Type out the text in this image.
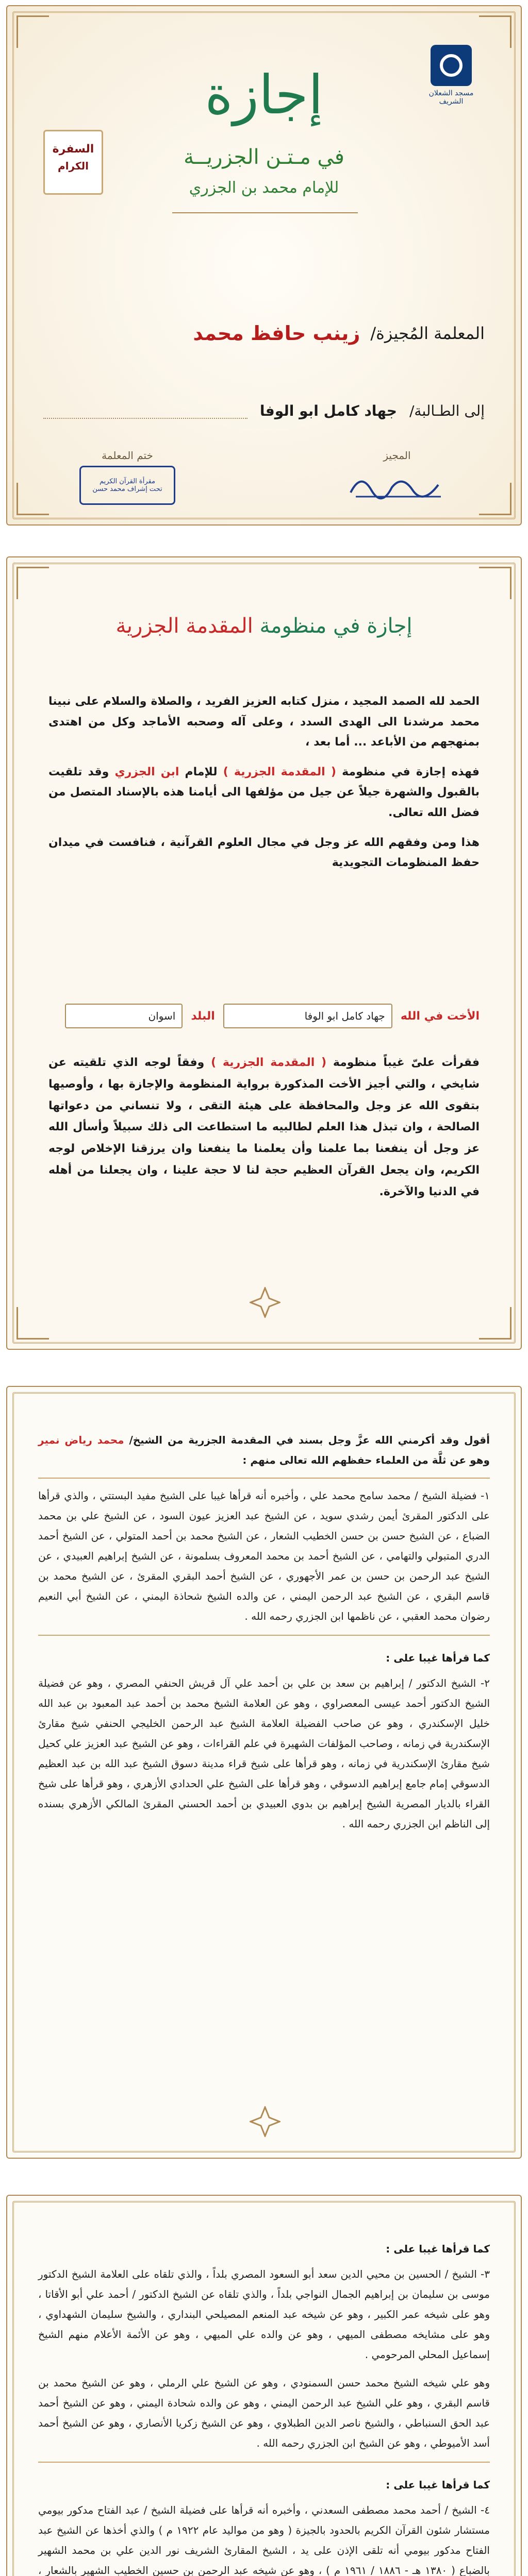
مسجد الشعلان الشريف
السفرة
الكرام
إجازة
في مـتـن الجزريــة
للإمام محمد بن الجزري
المعلمة المُجيزة/
زينب حافظ محمد
إلى الطـالبة/
جهاد كامل ابو الوفا
المجيز
ختم المعلمة
مقرأة القرآن الكريم
تحت إشراف محمد حسن
إجازة في منظومة المقدمة الجزرية

الحمد لله الصمد المجيد ، منزل كتابه العزيز الفريد ، والصلاة والسلام على نبينا محمد مرشدنا الى الهدى السدد ، وعلى آله وصحبه الأماجد وكل من اهتدى بمنهجهم من الأباعد ... أما بعد ،

فهذه إجازة في منظومة ( المقدمة الجزرية ) للإمام ابن الجزري وقد تلقيت بالقبول والشهرة جيلاً عن جيل من مؤلفها الى أيامنا هذه بالإسناد المتصل من فضل الله تعالى.

هذا ومن وفقهم الله عز وجل في مجال العلوم القرآنية ، فنافست في ميدان حفظ المنظومات التجويدية

الأخت في الله
جهاد كامل ابو الوفا
البلد
اسوان
فقرأت علىّ غيباً منظومة ( المقدمة الجزرية ) وفقاً لوجه الذي تلقيته عن شايخي ، والتي أجيز الأخت المذكورة برواية المنظومة والإجازة بها ، وأوصيها بتقوى الله عز وجل والمحافظة على هيئة التقى ، ولا تنساني من دعواتها الصالحة ، وان تبذل هذا العلم لطالبيه ما استطاعت الى ذلك سبيلاً وأسأل الله عز وجل أن ينفعنا بما علمنا وأن يعلمنا ما ينفعنا وان يرزقنا الإخلاص لوجه الكريم، وان يجعل القرآن العظيم حجة لنا لا حجة علينا ، وان يجعلنا من أهله في الدنيا والآخرة.

أقول وقد أكرمني الله عزَّ وجل بسند في المقدمة الجزرية من الشيخ/ محمد رياض نمير وهو عن ثلَّة من العلماء حفظهم الله تعالى منهم :

١- فضيلة الشيخ / محمد سامح محمد علي ، وأخبره أنه قرأها غيبا على الشيخ مفيد البستتي ، والذي قرأها على الدكتور المقرئ أيمن رشدي سويد ، عن الشيخ عبد العزيز عيون السود ، عن الشيخ علي بن محمد الضباع ، عن الشيخ حسن بن حسن الخطيب الشعار ، عن الشيخ محمد بن أحمد المتولي ، عن الشيخ أحمد الدري المتبولي والتهامي ، عن الشيخ أحمد بن محمد المعروف بسلمونة ، عن الشيخ إبراهيم العبيدي ، عن الشيخ عبد الرحمن بن حسن بن عمر الأجهوري ، عن الشيخ أحمد البقري المقرئ ، عن الشيخ محمد بن قاسم البقري ، عن الشيخ عبد الرحمن اليمني ، عن والده الشيخ شحاذة اليمني ، عن الشيخ أبي النعيم رضوان محمد العقبي ، عن ناظمها ابن الجزري رحمه الله .

كما قرأها غيبا على :

٢- الشيخ الدكتور / إبراهيم بن سعد بن علي بن أحمد علي آل قريش الحنفي المصري ، وهو عن فضيلة الشيخ الدكتور أحمد عيسى المعصراوي ، وهو عن العلامة الشيخ محمد بن أحمد عبد المعبود بن عبد الله خليل الإسكندري ، وهو عن صاحب الفضيلة العلامة الشيخ عبد الرحمن الخليجي الحنفي شيخ مقارئ الإسكندرية في زمانه ، وصاحب المؤلفات الشهيرة في علم القراءات ، وهو عن الشيخ عبد العزيز علي كحيل شيخ مقارئ الإسكندرية في زمانه ، وهو قرأها على شيخ قراء مدينة دسوق الشيخ عبد الله بن عبد العظيم الدسوقي إمام جامع إبراهيم الدسوقي ، وهو قرأها على الشيخ علي الحدادي الأزهري ، وهو قرأها على شيخ القراء بالديار المصرية الشيخ إبراهيم بن بدوي العبيدي بن أحمد الحسني المقرئ المالكي الأزهري بسنده إلى الناظم ابن الجزري رحمه الله .

كما قرأها غيبا على :

٣- الشيخ / الحسين بن محيي الدين سعد أبو السعود المصري بلداً ، والذي تلقاه على العلامة الشيخ الدكتور موسى بن سليمان بن إبراهيم الجمال النواجي بلداً ، والذي تلقاه عن الشيخ الدكتور / أحمد علي أبو الأقاتا ، وهو على شيخه عمر الكبير ، وهو عن شيخه عبد المنعم المصيلحي البنداري ، والشيخ سليمان الشهداوي ، وهو على مشايخه مصطفى الميهي ، وهو عن والده علي الميهي ، وهو عن الأئمة الأعلام منهم الشيخ إسماعيل المحلي المرحومي .

وهو علي شيخه الشيخ محمد حسن السمنودي ، وهو عن الشيخ علي الرملي ، وهو عن الشيخ محمد بن قاسم البقري ، وهو علي الشيخ عبد الرحمن اليمني ، وهو عن والده شحادة اليمني ، وهو عن الشيخ أحمد عبد الحق السنباطي ، والشيخ ناصر الدين الطبلاوي ، وهو عن الشيخ زكريا الأنصاري ، وهو عن الشيخ أحمد أسد الأميوطي ، وهو عن الشيخ ابن الجزري رحمه الله .

كما قرأها غيبا على :

٤- الشيخ / أحمد محمد مصطفى السعدني ، وأخبره أنه قرأها على فضيلة الشيخ / عبد الفتاح مدكور بيومي مستشار شئون القرآن الكريم بالحدود بالجيزة ( وهو من مواليد عام ١٩٢٢ م ) والذي أخذها عن الشيخ عبد الفتاح مدكور بيومي أنه تلقى الإذن على يد ، الشيخ المقارئ الشريف نور الدين علي بن محمد الشهير بالضباع ( ١٣٨٠ هـ - ١٨٨٦ / ١٩٦١ م ) ، وهو عن شيخه عبد الرحمن بن حسين الخطيب الشهير بالشعار ،
